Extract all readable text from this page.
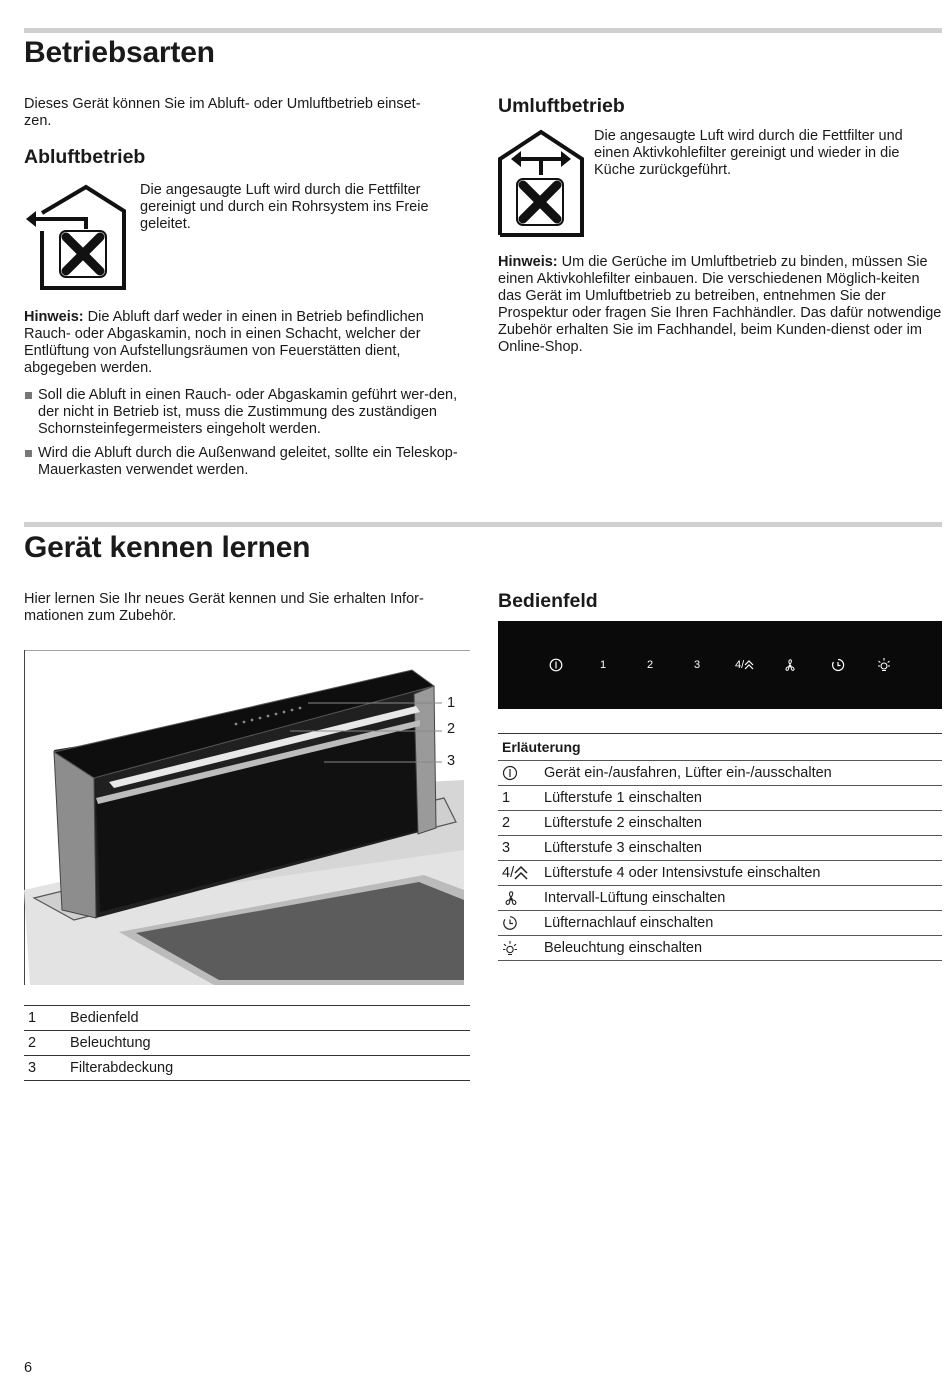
Betriebsarten

Dieses Gerät können Sie im Abluft- oder Umluftbetrieb einset-
zen.

Abluftbetrieb

Die angesaugte Luft wird durch die Fettfilter gereinigt und durch ein Rohrsystem ins Freie geleitet.

Hinweis: Die Abluft darf weder in einen in Betrieb befindlichen Rauch- oder Abgaskamin, noch in einen Schacht, welcher der Entlüftung von Aufstellungsräumen von Feuerstätten dient, abgegeben werden.

Soll die Abluft in einen Rauch- oder Abgaskamin geführt wer-den, der nicht in Betrieb ist, muss die Zustimmung des zuständigen Schornsteinfegermeisters eingeholt werden.
Wird die Abluft durch die Außenwand geleitet, sollte ein Teleskop-Mauerkasten verwendet werden.
Umluftbetrieb

Die angesaugte Luft wird durch die Fettfilter und einen Aktivkohlefilter gereinigt und wieder in die Küche zurückgeführt.

Hinweis: Um die Gerüche im Umluftbetrieb zu binden, müssen Sie einen Aktivkohlefilter einbauen. Die verschiedenen Möglich-keiten das Gerät im Umluftbetrieb zu betreiben, entnehmen Sie der Prospektur oder fragen Sie Ihren Fachhändler. Das dafür notwendige Zubehör erhalten Sie im Fachhandel, beim Kunden-dienst oder im Online-Shop.

Gerät kennen lernen

Hier lernen Sie Ihr neues Gerät kennen und Sie erhalten Infor-
mationen zum Zubehör.

1
2
3
1	Bedienfeld
2	Beleuchtung
3	Filterabdeckung
Bedienfeld
1	2	3	4/
Erläuterung	

	Gerät ein-/ausfahren, Lüfter ein-/ausschalten
1	Lüfterstufe 1 einschalten
2	Lüfterstufe 2 einschalten
3	Lüfterstufe 3 einschalten

4/	Lüfterstufe 4 oder Intensivstufe einschalten

	Intervall-Lüftung einschalten

	Lüfternachlauf einschalten

	Beleuchtung einschalten
6
